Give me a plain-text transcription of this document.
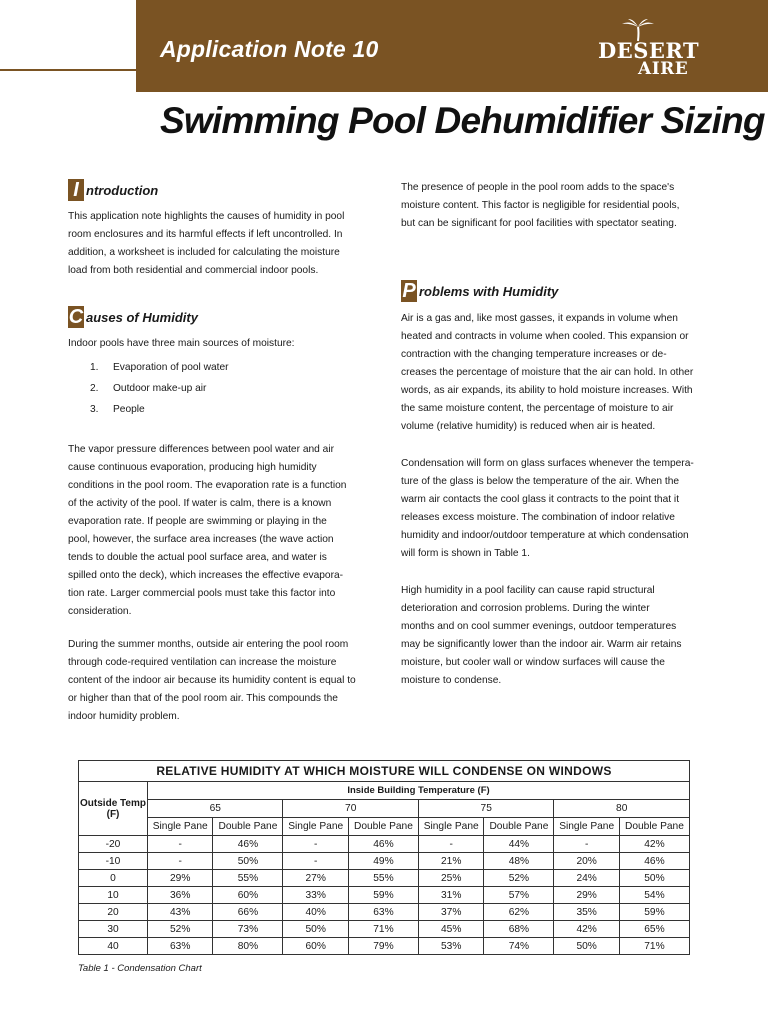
Application Note 10	DESERT
AIRE
Swimming Pool Dehumidifier Sizing
I ntroduction
This application note highlights the causes of humidity in pool
room enclosures and its harmful effects if left uncontrolled. In
addition, a worksheet is included for calculating the moisture
load from both residential and commercial indoor pools.
C auses of Humidity
Indoor pools have three main sources of moisture:
1. Evaporation of pool water
2. Outdoor make-up air
3. People
The vapor pressure differences between pool water and air
cause continuous evaporation, producing high humidity
conditions in the pool room. The evaporation rate is a function
of the activity of the pool. If water is calm, there is a known
evaporation rate. If people are swimming or playing in the
pool, however, the surface area increases (the wave action
tends to double the actual pool surface area, and water is
spilled onto the deck), which increases the effective evapora-
tion rate. Larger commercial pools must take this factor into
consideration.
During the summer months, outside air entering the pool room
through code-required ventilation can increase the moisture
content of the indoor air because its humidity content is equal to
or higher than that of the pool room air. This compounds the
indoor humidity problem.
The presence of people in the pool room adds to the space's
moisture content. This factor is negligible for residential pools,
but can be significant for pool facilities with spectator seating.
P roblems with Humidity
Air is a gas and, like most gasses, it expands in volume when
heated and contracts in volume when cooled. This expansion or
contraction with the changing temperature increases or de-
creases the percentage of moisture that the air can hold. In other
words, as air expands, its ability to hold moisture increases. With
the same moisture content, the percentage of moisture to air
volume (relative humidity) is reduced when air is heated.
Condensation will form on glass surfaces whenever the tempera-
ture of the glass is below the temperature of the air. When the
warm air contacts the cool glass it contracts to the point that it
releases excess moisture. The combination of indoor relative
humidity and indoor/outdoor temperature at which condensation
will form is shown in Table 1.
High humidity in a pool facility can cause rapid structural
deterioration and corrosion problems. During the winter
months and on cool summer evenings, outdoor temperatures
may be significantly lower than the indoor air. Warm air retains
moisture, but cooler wall or window surfaces will cause the
moisture to condense.
RELATIVE HUMIDITY AT WHICH MOISTURE WILL CONDENSE ON WINDOWS								
Outside Temp (F)	Inside Building Temperature (F)							
	65		70		75		80	
	Single Pane	Double Pane	Single Pane	Double Pane	Single Pane	Double Pane	Single Pane	Double Pane
-20	-	46%	-	46%	-	44%	-	42%
-10	-	50%	-	49%	21%	48%	20%	46%
0	29%	55%	27%	55%	25%	52%	24%	50%
10	36%	60%	33%	59%	31%	57%	29%	54%
20	43%	66%	40%	63%	37%	62%	35%	59%
30	52%	73%	50%	71%	45%	68%	42%	65%
40	63%	80%	60%	79%	53%	74%	50%	71%
Table 1 - Condensation Chart
